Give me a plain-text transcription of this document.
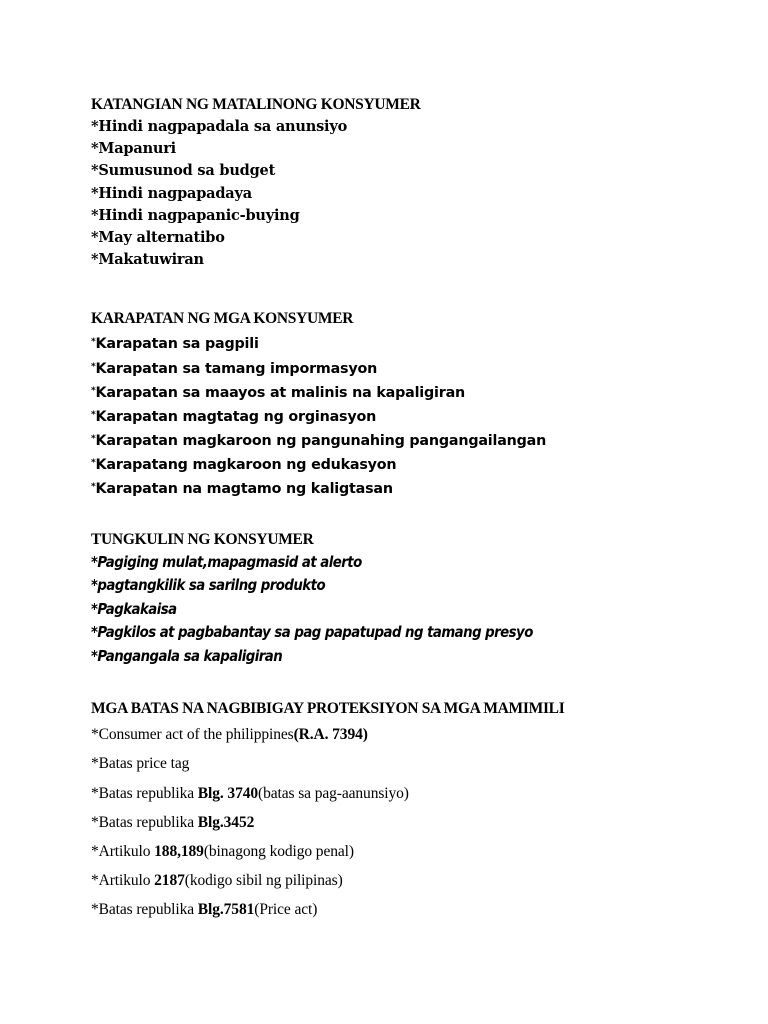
KATANGIAN NG MATALINONG KONSYUMER
*Hindi nagpapadala sa anunsiyo
*Mapanuri
*Sumusunod sa budget
*Hindi nagpapadaya
*Hindi nagpapanic-buying
*May alternatibo
*Makatuwiran
KARAPATAN NG MGA KONSYUMER
*Karapatan sa pagpili
*Karapatan sa tamang impormasyon
*Karapatan sa maayos at malinis na kapaligiran
*Karapatan magtatag ng orginasyon
*Karapatan magkaroon ng pangunahing pangangailangan
*Karapatang magkaroon ng edukasyon
*Karapatan na magtamo ng kaligtasan
TUNGKULIN NG KONSYUMER
*Pagiging mulat,mapagmasid at alerto
*pagtangkilik sa sarilng produkto
*Pagkakaisa
*Pagkilos at pagbabantay sa pag papatupad ng tamang presyo
*Pangangala sa kapaligiran
MGA BATAS NA NAGBIBIGAY PROTEKSIYON SA MGA MAMIMILI
*Consumer act of the philippines(R.A. 7394)
*Batas price tag
*Batas republika Blg. 3740(batas sa pag-aanunsiyo)
*Batas republika Blg.3452
*Artikulo 188,189(binagong kodigo penal)
*Artikulo 2187(kodigo sibil ng pilipinas)
*Batas republika Blg.7581(Price act)
